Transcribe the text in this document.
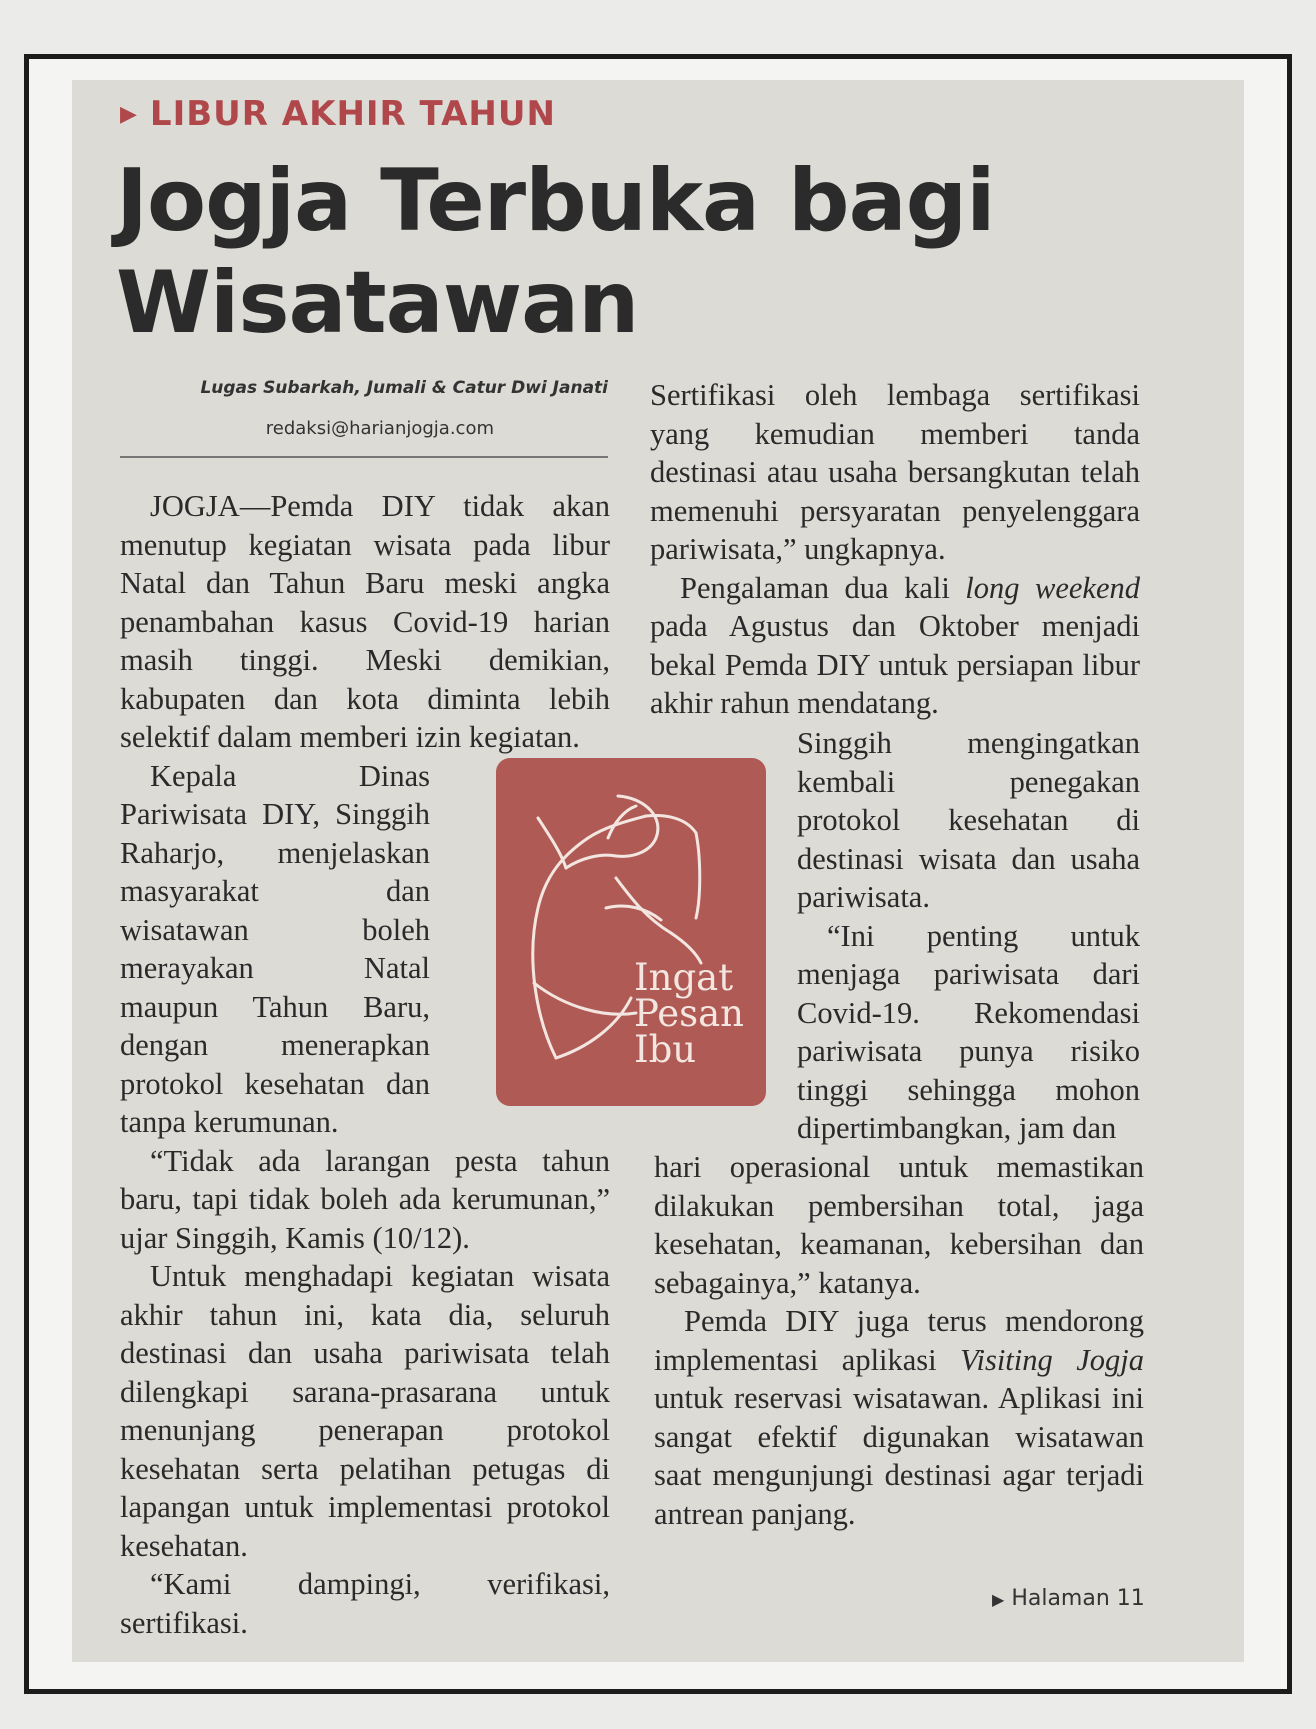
▶ LIBUR AKHIR TAHUN
Jogja Terbuka bagi Wisatawan
Lugas Subarkah, Jumali & Catur Dwi Janati
redaksi@harianjogja.com

JOGJA—Pemda DIY tidak akan menutup kegiatan wisata pada libur Natal dan Tahun Baru meski angka penambahan kasus Covid-19 harian masih tinggi. Meski demikian, kabupaten dan kota diminta lebih selektif dalam memberi izin kegiatan.

Kepala Dinas Pariwisata DIY, Singgih Raharjo, menjelaskan masyarakat dan wisatawan boleh merayakan Natal maupun Tahun Baru, dengan menerapkan protokol kesehatan dan tanpa kerumunan.

“Tidak ada larangan pesta tahun baru, tapi tidak boleh ada kerumunan,” ujar Singgih, Kamis (10/12).

Untuk menghadapi kegiatan wisata akhir tahun ini, kata dia, seluruh destinasi dan usaha pariwisata telah dilengkapi sarana-prasarana untuk menunjang penerapan protokol kesehatan serta pelatihan petugas di lapangan untuk implementasi protokol kesehatan.

“Kami dampingi, verifikasi, sertifikasi.

Sertifikasi oleh lembaga sertifikasi yang kemudian memberi tanda destinasi atau usaha bersangkutan telah memenuhi persyaratan penyelenggara pariwisata,” ungkapnya.

Pengalaman dua kali long weekend pada Agustus dan Oktober menjadi bekal Pemda DIY untuk persiapan libur akhir rahun mendatang.

Singgih mengingatkan kembali penegakan protokol kesehatan di destinasi wisata dan usaha pariwisata.

“Ini penting untuk menjaga pariwisata dari Covid-19. Rekomendasi pariwisata punya risiko tinggi sehingga mohon dipertimbangkan, jam dan

hari operasional untuk memastikan dilakukan pembersihan total, jaga kesehatan, keamanan, kebersihan dan sebagainya,” katanya.

Pemda DIY juga terus mendorong implementasi aplikasi Visiting Jogja untuk reservasi wisatawan. Aplikasi ini sangat efektif digunakan wisatawan saat mengunjungi destinasi agar terjadi antrean panjang.

Ingat
Pesan
Ibu
▶ Halaman 11
